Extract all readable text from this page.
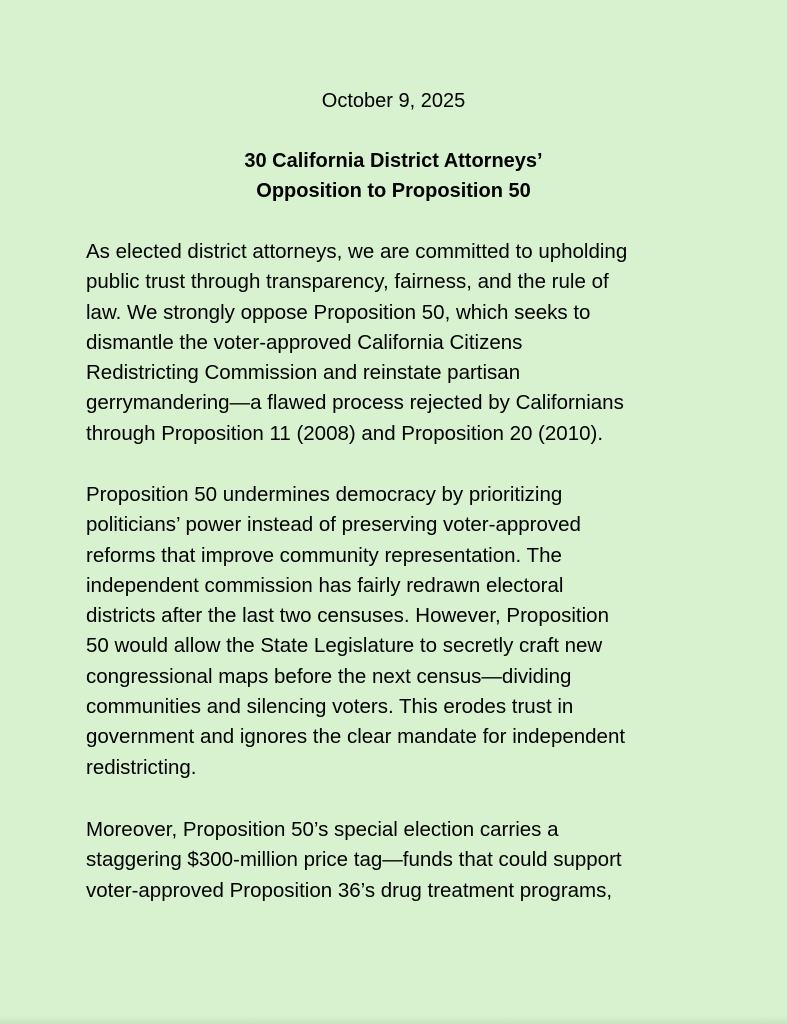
October 9, 2025
30 California District Attorneys’
Opposition to Proposition 50
As elected district attorneys, we are committed to upholding
public trust through transparency, fairness, and the rule of
law. We strongly oppose Proposition 50, which seeks to
dismantle the voter-approved California Citizens
Redistricting Commission and reinstate partisan
gerrymandering—a flawed process rejected by Californians
through Proposition 11 (2008) and Proposition 20 (2010).
Proposition 50 undermines democracy by prioritizing
politicians’ power instead of preserving voter-approved
reforms that improve community representation. The
independent commission has fairly redrawn electoral
districts after the last two censuses. However, Proposition
50 would allow the State Legislature to secretly craft new
congressional maps before the next census—dividing
communities and silencing voters. This erodes trust in
government and ignores the clear mandate for independent
redistricting.
Moreover, Proposition 50’s special election carries a
staggering $300-million price tag—funds that could support
voter-approved Proposition 36’s drug treatment programs,
